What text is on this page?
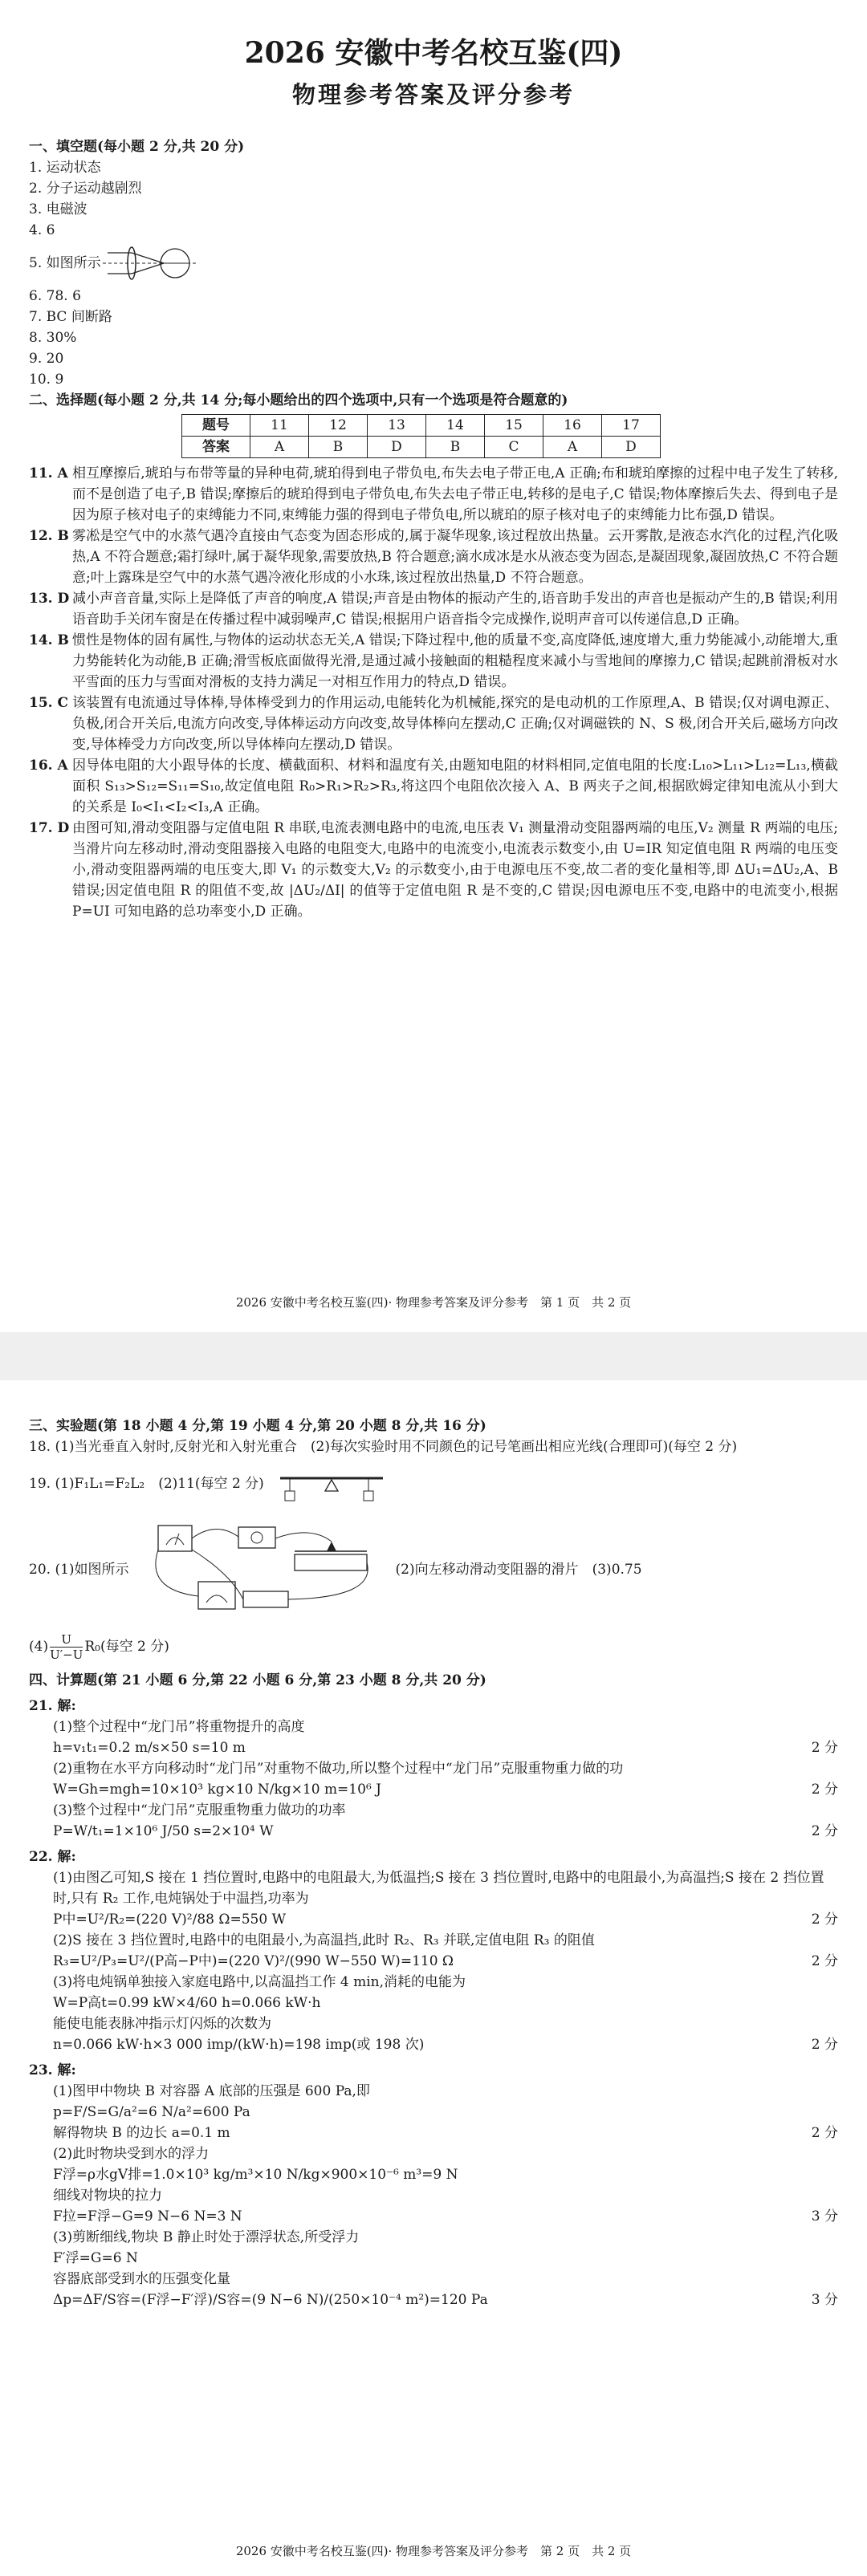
2026 安徽中考名校互鉴(四)
物理参考答案及评分参考
一、填空题(每小题 2 分,共 20 分)
1. 运动状态
2. 分子运动越剧烈
3. 电磁波
4. 6
5. 如图所示
6. 78. 6
7. BC 间断路
8. 30%
9. 20
10. 9
二、选择题(每小题 2 分,共 14 分;每小题给出的四个选项中,只有一个选项是符合题意的)
题号	11	12	13	14	15	16	17
答案	A	B	D	B	C	A	D
11. A 相互摩擦后,琥珀与布带等量的异种电荷,琥珀得到电子带负电,布失去电子带正电,A 正确;布和琥珀摩擦的过程中电子发生了转移,而不是创造了电子,B 错误;摩擦后的琥珀得到电子带负电,布失去电子带正电,转移的是电子,C 错误;物体摩擦后失去、得到电子是因为原子核对电子的束缚能力不同,束缚能力强的得到电子带负电,所以琥珀的原子核对电子的束缚能力比布强,D 错误。
12. B 雾凇是空气中的水蒸气遇冷直接由气态变为固态形成的,属于凝华现象,该过程放出热量。云开雾散,是液态水汽化的过程,汽化吸热,A 不符合题意;霜打绿叶,属于凝华现象,需要放热,B 符合题意;滴水成冰是水从液态变为固态,是凝固现象,凝固放热,C 不符合题意;叶上露珠是空气中的水蒸气遇冷液化形成的小水珠,该过程放出热量,D 不符合题意。
13. D 减小声音音量,实际上是降低了声音的响度,A 错误;声音是由物体的振动产生的,语音助手发出的声音也是振动产生的,B 错误;利用语音助手关闭车窗是在传播过程中减弱噪声,C 错误;根据用户语音指令完成操作,说明声音可以传递信息,D 正确。
14. B 惯性是物体的固有属性,与物体的运动状态无关,A 错误;下降过程中,他的质量不变,高度降低,速度增大,重力势能减小,动能增大,重力势能转化为动能,B 正确;滑雪板底面做得光滑,是通过减小接触面的粗糙程度来减小与雪地间的摩擦力,C 错误;起跳前滑板对水平雪面的压力与雪面对滑板的支持力满足一对相互作用力的特点,D 错误。
15. C 该装置有电流通过导体棒,导体棒受到力的作用运动,电能转化为机械能,探究的是电动机的工作原理,A、B 错误;仅对调电源正、负极,闭合开关后,电流方向改变,导体棒运动方向改变,故导体棒向左摆动,C 正确;仅对调磁铁的 N、S 极,闭合开关后,磁场方向改变,导体棒受力方向改变,所以导体棒向左摆动,D 错误。
16. A 因导体电阻的大小跟导体的长度、横截面积、材料和温度有关,由题知电阻的材料相同,定值电阻的长度:L₁₀>L₁₁>L₁₂=L₁₃,横截面积 S₁₃>S₁₂=S₁₁=S₁₀,故定值电阻 R₀>R₁>R₂>R₃,将这四个电阻依次接入 A、B 两夹子之间,根据欧姆定律知电流从小到大的关系是 I₀<I₁<I₂<I₃,A 正确。
17. D 由图可知,滑动变阻器与定值电阻 R 串联,电流表测电路中的电流,电压表 V₁ 测量滑动变阻器两端的电压,V₂ 测量 R 两端的电压;当滑片向左移动时,滑动变阻器接入电路的电阻变大,电路中的电流变小,电流表示数变小,由 U=IR 知定值电阻 R 两端的电压变小,滑动变阻器两端的电压变大,即 V₁ 的示数变大,V₂ 的示数变小,由于电源电压不变,故二者的变化量相等,即 ΔU₁=ΔU₂,A、B 错误;因定值电阻 R 的阻值不变,故 |ΔU₂/ΔI| 的值等于定值电阻 R 是不变的,C 错误;因电源电压不变,电路中的电流变小,根据 P=UI 可知电路的总功率变小,D 正确。
2026 安徽中考名校互鉴(四)· 物理参考答案及评分参考　第 1 页　共 2 页
三、实验题(第 18 小题 4 分,第 19 小题 4 分,第 20 小题 8 分,共 16 分)
18. (1)当光垂直入射时,反射光和入射光重合　(2)每次实验时用不同颜色的记号笔画出相应光线(合理即可)(每空 2 分)
19. (1)F₁L₁=F₂L₂　(2)11(每空 2 分)
20. (1)如图所示	(2)向左移动滑动变阻器的滑片　(3)0.75
$(4) \frac{U}{U'-U} R_0$(每空 2 分)
四、计算题(第 21 小题 6 分,第 22 小题 6 分,第 23 小题 8 分,共 20 分)
21. 解:
(1)整个过程中“龙门吊”将重物提升的高度
h=v₁t₁=0.2 m/s×50 s=10 m	2 分
(2)重物在水平方向移动时“龙门吊”对重物不做功,所以整个过程中“龙门吊”克服重物重力做的功
W=Gh=mgh=10×10³ kg×10 N/kg×10 m=10⁶ J	2 分
(3)整个过程中“龙门吊”克服重物重力做功的功率
P=W/t₁=1×10⁶ J/50 s=2×10⁴ W	2 分
22. 解:
(1)由图乙可知,S 接在 1 挡位置时,电路中的电阻最大,为低温挡;S 接在 3 挡位置时,电路中的电阻最小,为高温挡;S 接在 2 挡位置时,只有 R₂ 工作,电炖锅处于中温挡,功率为
P中=U²/R₂=(220 V)²/88 Ω=550 W	2 分
(2)S 接在 3 挡位置时,电路中的电阻最小,为高温挡,此时 R₂、R₃ 并联,定值电阻 R₃ 的阻值
R₃=U²/P₃=U²/(P高−P中)=(220 V)²/(990 W−550 W)=110 Ω	2 分
(3)将电炖锅单独接入家庭电路中,以高温挡工作 4 min,消耗的电能为
W=P高t=0.99 kW×4/60 h=0.066 kW·h
能使电能表脉冲指示灯闪烁的次数为
n=0.066 kW·h×3 000 imp/(kW·h)=198 imp(或 198 次)	2 分
23. 解:
(1)图甲中物块 B 对容器 A 底部的压强是 600 Pa,即
p=F/S=G/a²=6 N/a²=600 Pa
解得物块 B 的边长 a=0.1 m	2 分
(2)此时物块受到水的浮力
F浮=ρ水gV排=1.0×10³ kg/m³×10 N/kg×900×10⁻⁶ m³=9 N
细线对物块的拉力
F拉=F浮−G=9 N−6 N=3 N	3 分
(3)剪断细线,物块 B 静止时处于漂浮状态,所受浮力
F′浮=G=6 N
容器底部受到水的压强变化量
Δp=ΔF/S容=(F浮−F′浮)/S容=(9 N−6 N)/(250×10⁻⁴ m²)=120 Pa	3 分
2026 安徽中考名校互鉴(四)· 物理参考答案及评分参考　第 2 页　共 2 页
